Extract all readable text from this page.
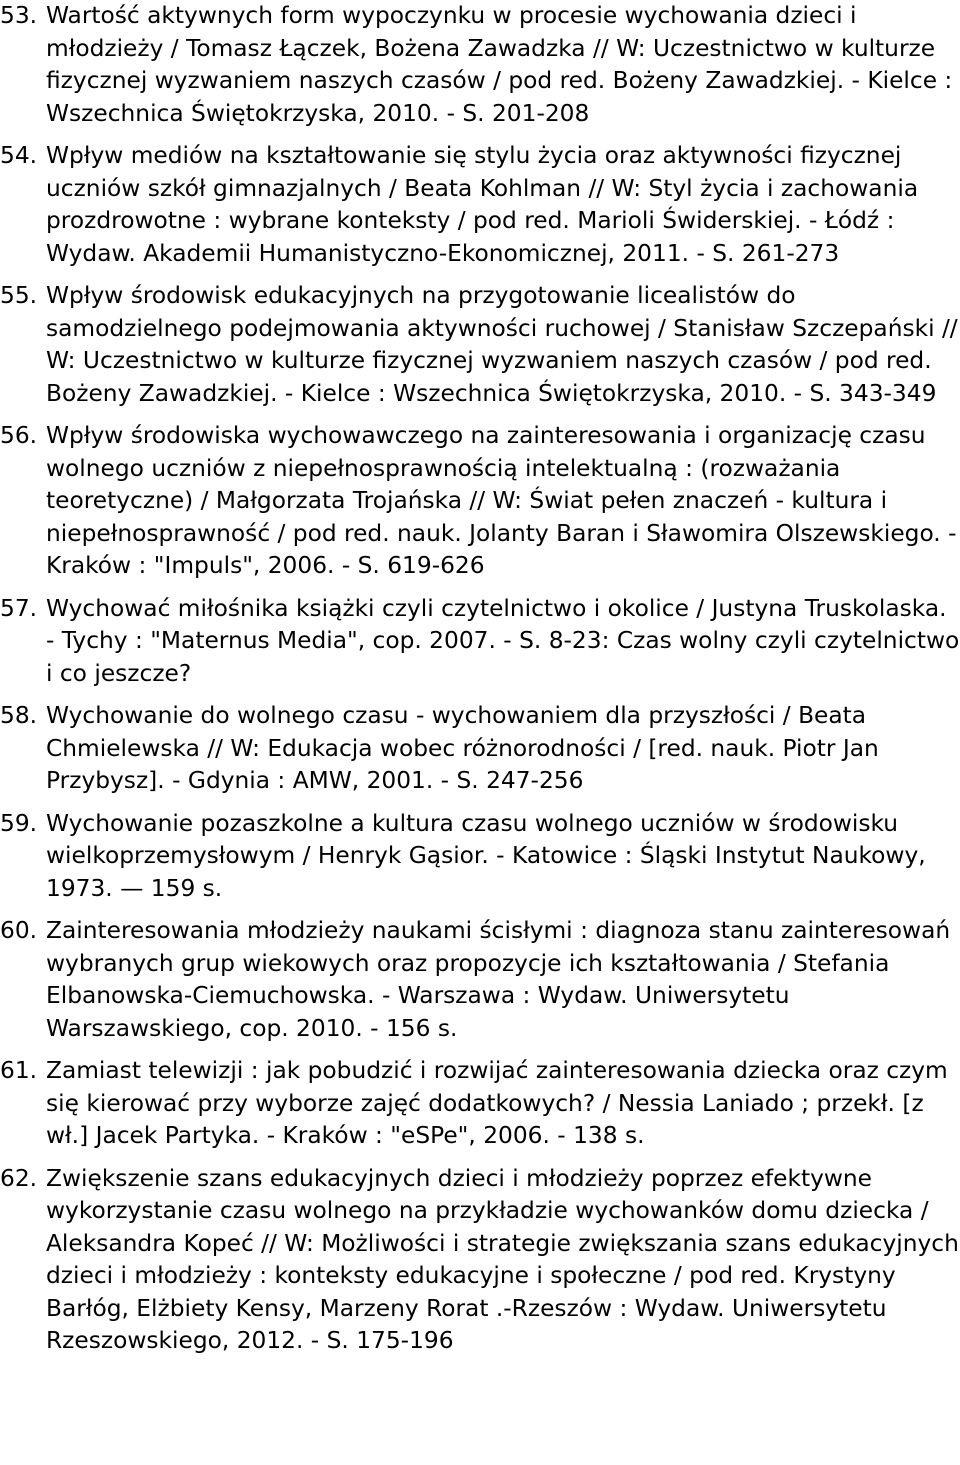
53. Wartość aktywnych form wypoczynku w procesie wychowania dzieci i młodzieży / Tomasz Łączek, Bożena Zawadzka // W: Uczestnictwo w kulturze fizycznej wyzwaniem naszych czasów / pod red. Bożeny Zawadzkiej. - Kielce : Wszechnica Świętokrzyska, 2010. - S. 201-208
54. Wpływ mediów na kształtowanie się stylu życia oraz aktywności fizycznej uczniów szkół gimnazjalnych / Beata Kohlman // W: Styl życia i zachowania prozdrowotne : wybrane konteksty / pod red. Marioli Świderskiej. - Łódź : Wydaw. Akademii Humanistyczno-Ekonomicznej, 2011. - S. 261-273
55. Wpływ środowisk edukacyjnych na przygotowanie licealistów do samodzielnego podejmowania aktywności ruchowej / Stanisław Szczepański // W: Uczestnictwo w kulturze fizycznej wyzwaniem naszych czasów / pod red. Bożeny Zawadzkiej. - Kielce : Wszechnica Świętokrzyska, 2010. - S. 343-349
56. Wpływ środowiska wychowawczego na zainteresowania i organizację czasu wolnego uczniów z niepełnosprawnością intelektualną : (rozważania teoretyczne) / Małgorzata Trojańska // W: Świat pełen znaczeń - kultura i niepełnosprawność / pod red. nauk. Jolanty Baran i Sławomira Olszewskiego. - Kraków : "Impuls", 2006. - S. 619-626
57. Wychować miłośnika książki czyli czytelnictwo i okolice / Justyna Truskolaska. - Tychy : "Maternus Media", cop. 2007. - S. 8-23: Czas wolny czyli czytelnictwo i co jeszcze?
58. Wychowanie do wolnego czasu - wychowaniem dla przyszłości / Beata Chmielewska // W: Edukacja wobec różnorodności / [red. nauk. Piotr Jan Przybysz]. - Gdynia : AMW, 2001. - S. 247-256
59. Wychowanie pozaszkolne a kultura czasu wolnego uczniów w środowisku wielkoprzemysłowym / Henryk Gąsior. - Katowice : Śląski Instytut Naukowy, 1973. — 159 s.
60. Zainteresowania młodzieży naukami ścisłymi : diagnoza stanu zainteresowań wybranych grup wiekowych oraz propozycje ich kształtowania / Stefania Elbanowska-Ciemuchowska. - Warszawa : Wydaw. Uniwersytetu Warszawskiego, cop. 2010. - 156 s.
61. Zamiast telewizji : jak pobudzić i rozwijać zainteresowania dziecka oraz czym się kierować przy wyborze zajęć dodatkowych? / Nessia Laniado ; przekł. [z wł.] Jacek Partyka. - Kraków : "eSPe", 2006. - 138 s.
62. Zwiększenie szans edukacyjnych dzieci i młodzieży poprzez efektywne wykorzystanie czasu wolnego na przykładzie wychowanków domu dziecka / Aleksandra Kopeć // W: Możliwości i strategie zwiększania szans edukacyjnych dzieci i młodzieży : konteksty edukacyjne i społeczne / pod red. Krystyny Barłóg, Elżbiety Kensy, Marzeny Rorat .-Rzeszów : Wydaw. Uniwersytetu Rzeszowskiego, 2012. - S. 175-196
